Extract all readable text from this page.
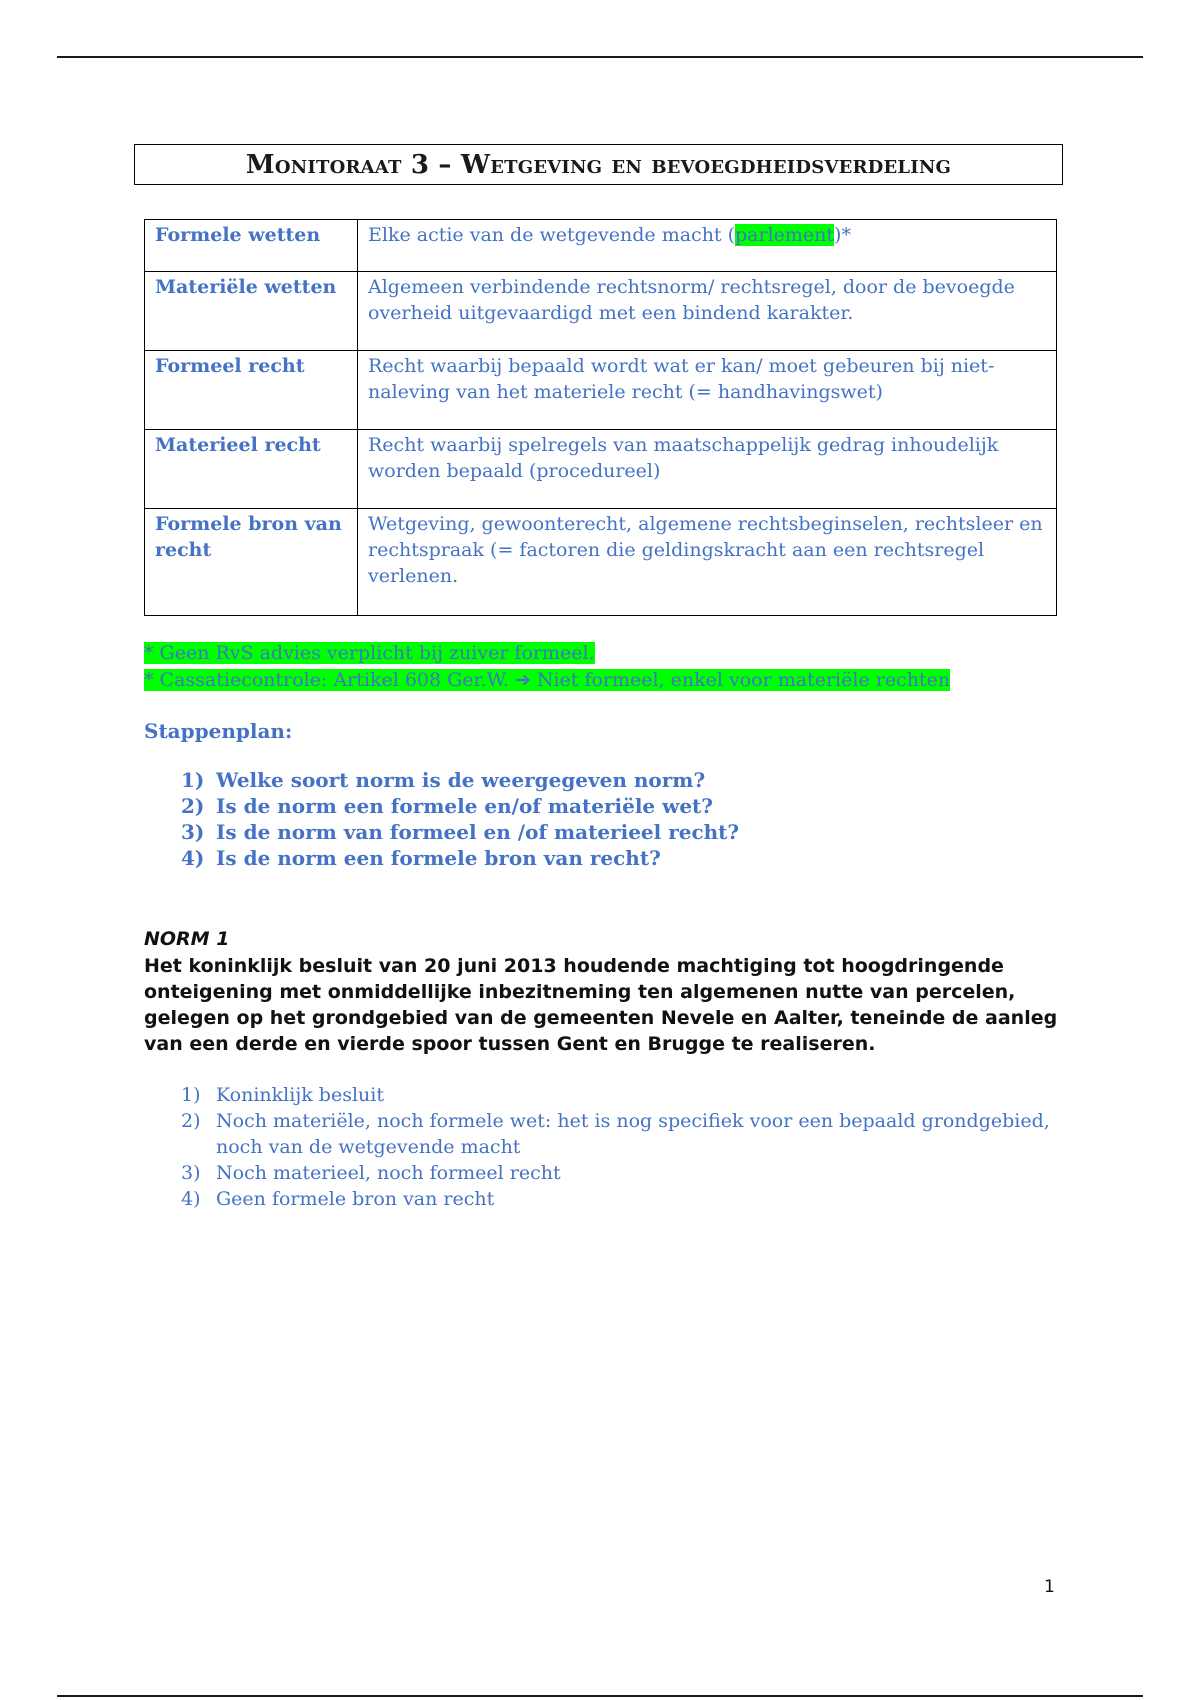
Monitoraat 3 – Wetgeving en bevoegdheidsverdeling
Formele wetten	Elke actie van de wetgevende macht (parlement)*
Materiële wetten	Algemeen verbindende rechtsnorm/ rechtsregel, door de bevoegde overheid uitgevaardigd met een bindend karakter.
Formeel recht	Recht waarbij bepaald wordt wat er kan/ moet gebeuren bij niet-naleving van het materiele recht (= handhavingswet)
Materieel recht	Recht waarbij spelregels van maatschappelijk gedrag inhoudelijk worden bepaald (procedureel)
Formele bron van recht	Wetgeving, gewoonterecht, algemene rechtsbeginselen, rechtsleer en rechtspraak (= factoren die geldingskracht aan een rechtsregel verlenen.
* Geen RvS advies verplicht bij zuiver formeel.
* Cassatiecontrole: Artikel 608 Ger.W. ➔ Niet formeel, enkel voor materiële rechten
Stappenplan:
1) Welke soort norm is de weergegeven norm?
2) Is de norm een formele en/of materiële wet?
3) Is de norm van formeel en /of materieel recht?
4) Is de norm een formele bron van recht?
NORM 1
Het koninklijk besluit van 20 juni 2013 houdende machtiging tot hoogdringende onteigening met onmiddellijke inbezitneming ten algemenen nutte van percelen, gelegen op het grondgebied van de gemeenten Nevele en Aalter, teneinde de aanleg van een derde en vierde spoor tussen Gent en Brugge te realiseren.
1) Koninklijk besluit
2) Noch materiële, noch formele wet: het is nog specifiek voor een bepaald grondgebied, noch van de wetgevende macht
3) Noch materieel, noch formeel recht
4) Geen formele bron van recht
1
